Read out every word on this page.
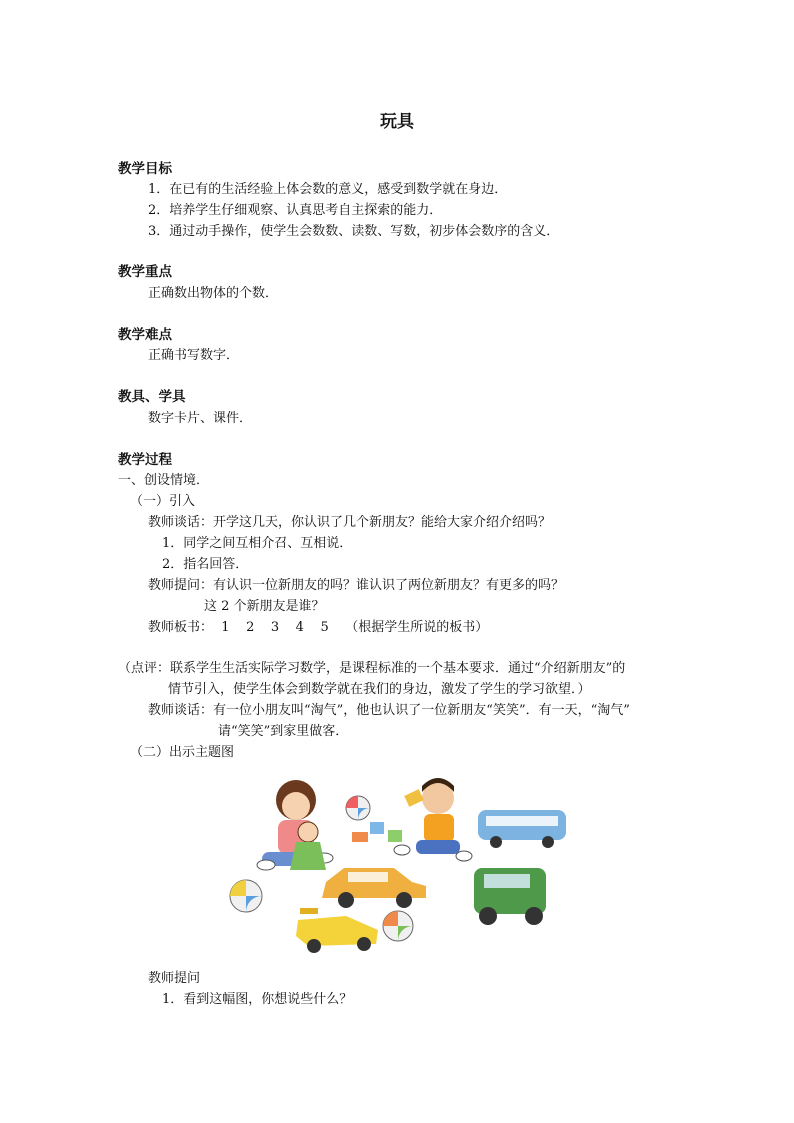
玩具
教学目标
1．在已有的生活经验上体会数的意义，感受到数学就在身边．
2．培养学生仔细观察、认真思考自主探索的能力．
3．通过动手操作，使学生会数数、读数、写数，初步体会数序的含义．
教学重点
正确数出物体的个数．
教学难点
正确书写数字．
教具、学具
数字卡片、课件．
教学过程
一、创设情境．
（一）引入
教师谈话：开学这几天，你认识了几个新朋友？能给大家介绍介绍吗？
1．同学之间互相介召、互相说．
2．指名回答．
教师提问：有认识一位新朋友的吗？谁认识了两位新朋友？有更多的吗？
这 2 个新朋友是谁？
教师板书：  1    2    3    4    5    （根据学生所说的板书）
（点评：联系学生生活实际学习数学，是课程标准的一个基本要求．通过“介绍新朋友”的
情节引入，使学生体会到数学就在我们的身边，激发了学生的学习欲望．）
教师谈话：有一位小朋友叫“淘气”，他也认识了一位新朋友“笑笑”．有一天，“淘气”
请“笑笑”到家里做客．
（二）出示主题图
教师提问
1．看到这幅图，你想说些什么？
